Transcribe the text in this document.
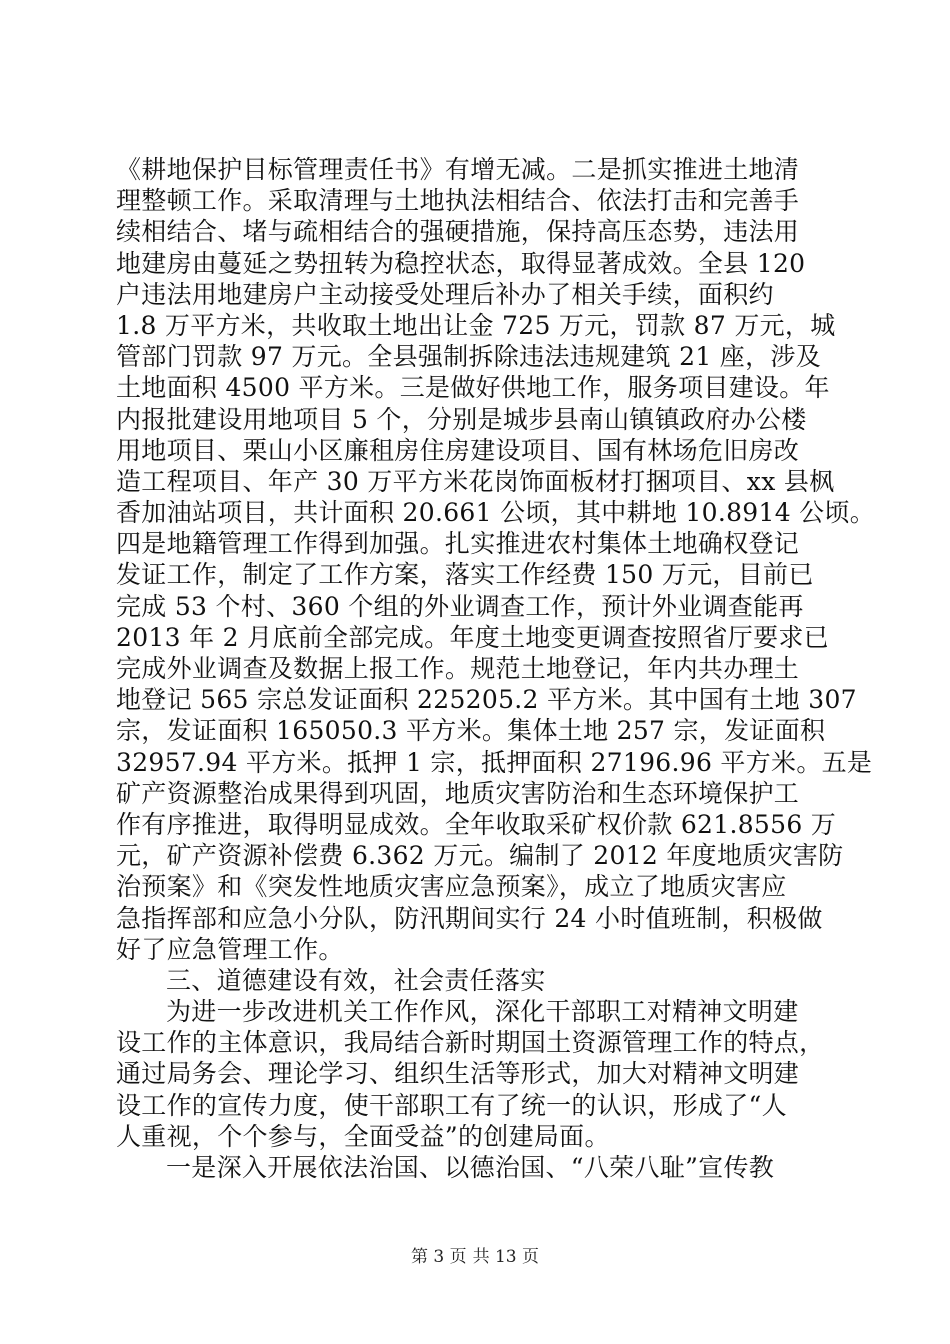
《耕地保护目标管理责任书》有增无减。二是抓实推进土地清
理整顿工作。采取清理与土地执法相结合、依法打击和完善手
续相结合、堵与疏相结合的强硬措施，保持高压态势，违法用
地建房由蔓延之势扭转为稳控状态，取得显著成效。全县 120
户违法用地建房户主动接受处理后补办了相关手续，面积约
1.8 万平方米，共收取土地出让金 725 万元，罚款 87 万元，城
管部门罚款 97 万元。全县强制拆除违法违规建筑 21 座，涉及
土地面积 4500 平方米。三是做好供地工作，服务项目建设。年
内报批建设用地项目 5 个，分别是城步县南山镇镇政府办公楼
用地项目、栗山小区廉租房住房建设项目、国有林场危旧房改
造工程项目、年产 30 万平方米花岗饰面板材打捆项目、xx 县枫
香加油站项目，共计面积 20.661 公顷，其中耕地 10.8914 公顷。
四是地籍管理工作得到加强。扎实推进农村集体土地确权登记
发证工作，制定了工作方案，落实工作经费 150 万元，目前已
完成 53 个村、360 个组的外业调查工作，预计外业调查能再
2013 年 2 月底前全部完成。年度土地变更调查按照省厅要求已
完成外业调查及数据上报工作。规范土地登记，年内共办理土
地登记 565 宗总发证面积 225205.2 平方米。其中国有土地 307
宗，发证面积 165050.3 平方米。集体土地 257 宗，发证面积
32957.94 平方米。抵押 1 宗，抵押面积 27196.96 平方米。五是
矿产资源整治成果得到巩固，地质灾害防治和生态环境保护工
作有序推进，取得明显成效。全年收取采矿权价款 621.8556 万
元，矿产资源补偿费 6.362 万元。编制了 2012 年度地质灾害防
治预案》和《突发性地质灾害应急预案》，成立了地质灾害应
急指挥部和应急小分队，防汛期间实行 24 小时值班制，积极做
好了应急管理工作。
三、道德建设有效，社会责任落实
为进一步改进机关工作作风，深化干部职工对精神文明建
设工作的主体意识，我局结合新时期国土资源管理工作的特点，
通过局务会、理论学习、组织生活等形式，加大对精神文明建
设工作的宣传力度，使干部职工有了统一的认识，形成了“人
人重视，个个参与，全面受益”的创建局面。
一是深入开展依法治国、以德治国、“八荣八耻”宣传教
第 3 页 共 13 页
